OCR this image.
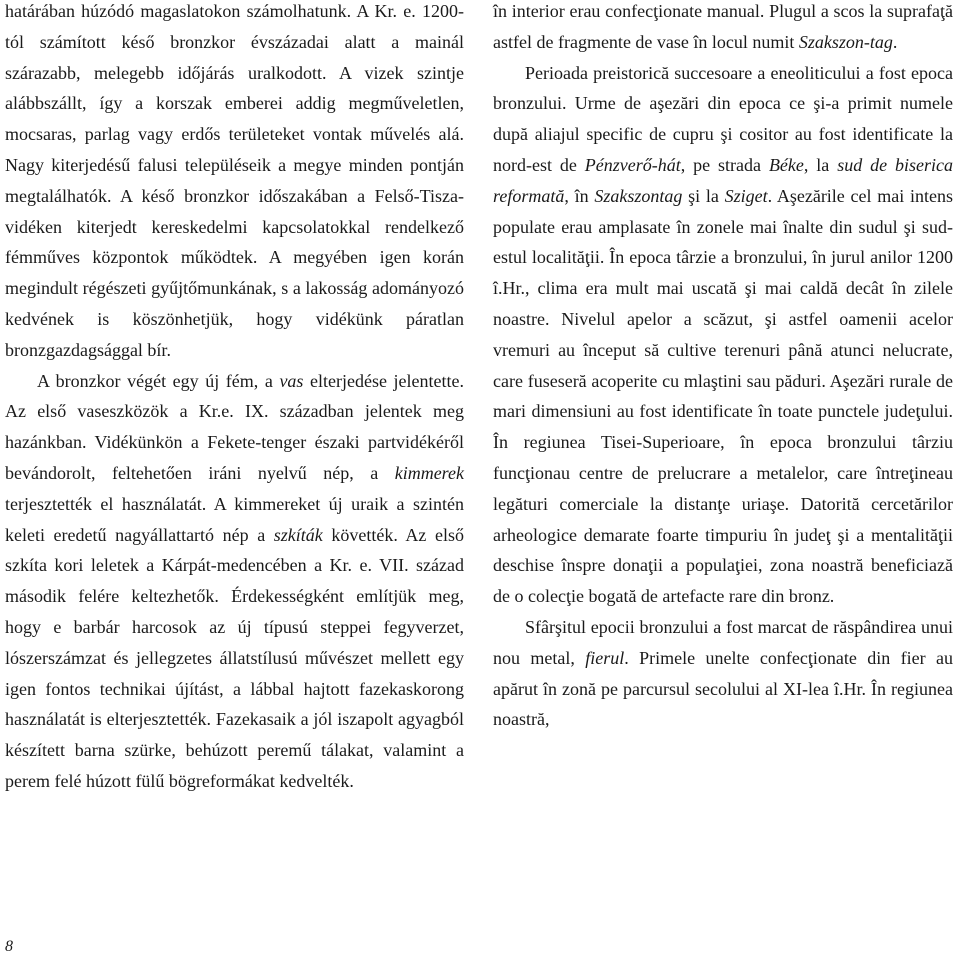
határában húzódó magaslatokon számolhatunk. A Kr. e. 1200-tól számított késő bronzkor évszázadai alatt a mainál szárazabb, melegebb időjárás uralkodott. A vizek szintje alábbszállt, így a korszak emberei addig megműveletlen, mocsaras, parlag vagy erdős területeket vontak művelés alá. Nagy kiterjedésű falusi településeik a megye minden pontján megtalálhatók. A késő bronzkor időszakában a Felső-Tisza-vidéken kiterjedt kereskedelmi kapcsolatokkal rendelkező fémműves központok működtek. A megyében igen korán megindult régészeti gyűjtőmunkának, s a lakosság adományozó kedvének is köszönhetjük, hogy vidékünk páratlan bronzgazdagsággal bír.

A bronzkor végét egy új fém, a vas elterjedése jelentette. Az első vaseszközök a Kr.e. IX. században jelentek meg hazánkban. Vidékünkön a Fekete-tenger északi partvidékéről bevándorolt, feltehetően iráni nyelvű nép, a kimmerek terjesztették el használatát. A kimmereket új uraik a szintén keleti eredetű nagyállattartó nép a szkíták követték. Az első szkíta kori leletek a Kárpát-medencében a Kr. e. VII. század második felére keltezhetők. Érdekességként említjük meg, hogy e barbár harcosok az új típusú steppei fegyverzet, lószerszámzat és jellegzetes állatstílusú művészet mellett egy igen fontos technikai újítást, a lábbal hajtott fazekaskorong használatát is elterjesztették. Fazekasaik a jól iszapolt agyagból készített barna szürke, behúzott peremű tálakat, valamint a perem felé húzott fülű bögreformákat kedvelték.

în interior erau confecţionate manual. Plugul a scos la suprafaţă astfel de fragmente de vase în locul numit Szakszon-tag.

Perioada preistorică succesoare a eneoliticului a fost epoca bronzului. Urme de aşezări din epoca ce şi-a primit numele după aliajul specific de cupru şi cositor au fost identificate la nord-est de Pénzverő-hát, pe strada Béke, la sud de biserica reformată, în Szakszontag şi la Sziget. Aşezările cel mai intens populate erau amplasate în zonele mai înalte din sudul şi sud-estul localităţii. În epoca târzie a bronzului, în jurul anilor 1200 î.Hr., clima era mult mai uscată şi mai caldă decât în zilele noastre. Nivelul apelor a scăzut, şi astfel oamenii acelor vremuri au început să cultive terenuri până atunci nelucrate, care fuseseră acoperite cu mlaştini sau păduri. Aşezări rurale de mari dimensiuni au fost identificate în toate punctele judeţului. În regiunea Tisei-Superioare, în epoca bronzului târziu funcţionau centre de prelucrare a metalelor, care întreţineau legături comerciale la distanţe uriaşe. Datorită cercetărilor arheologice demarate foarte timpuriu în judeţ şi a mentalităţii deschise înspre donaţii a populaţiei, zona noastră beneficiază de o colecţie bogată de artefacte rare din bronz.

Sfârşitul epocii bronzului a fost marcat de răspândirea unui nou metal, fierul. Primele unelte confecţionate din fier au apărut în zonă pe parcursul secolului al XI-lea î.Hr. În regiunea noastră,

8
